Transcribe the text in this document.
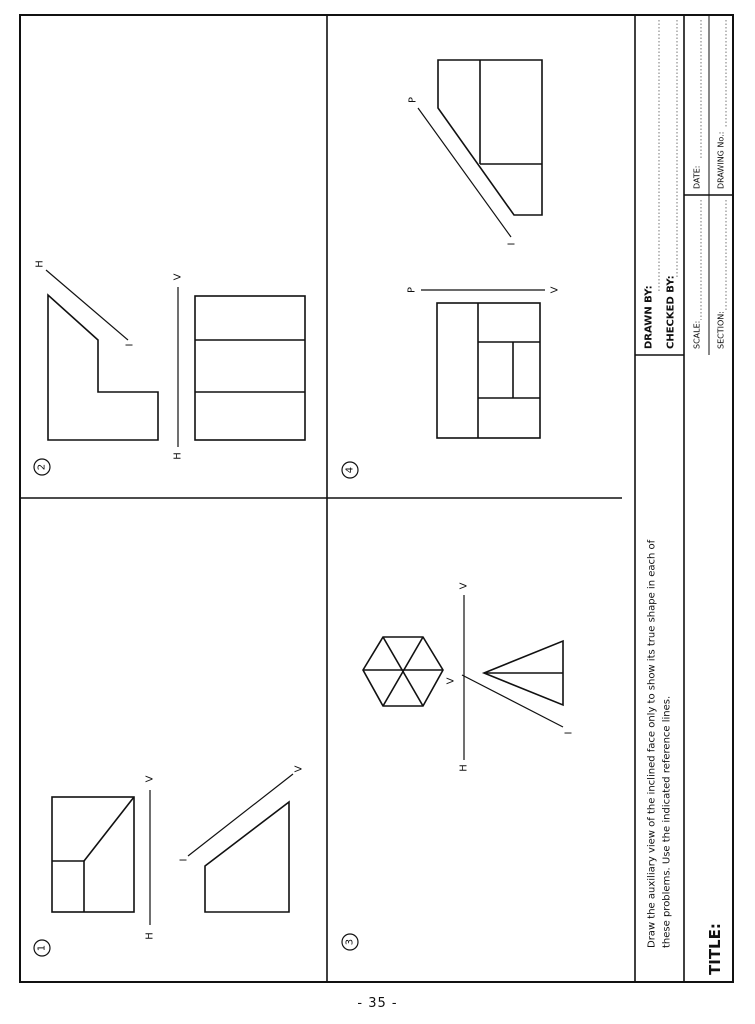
1
H
V
I
V
2
H
I
H
V
3
H
V
V
I
4
P	V
P
I
Draw the auxiliary view of the inclined face only to show its true shape in each of these problems. Use the indicated reference lines.
TITLE:
DRAWN BY: CHECKED BY: SCALE: SECTION:
DATE: DRAWING No.:
- 35 -
